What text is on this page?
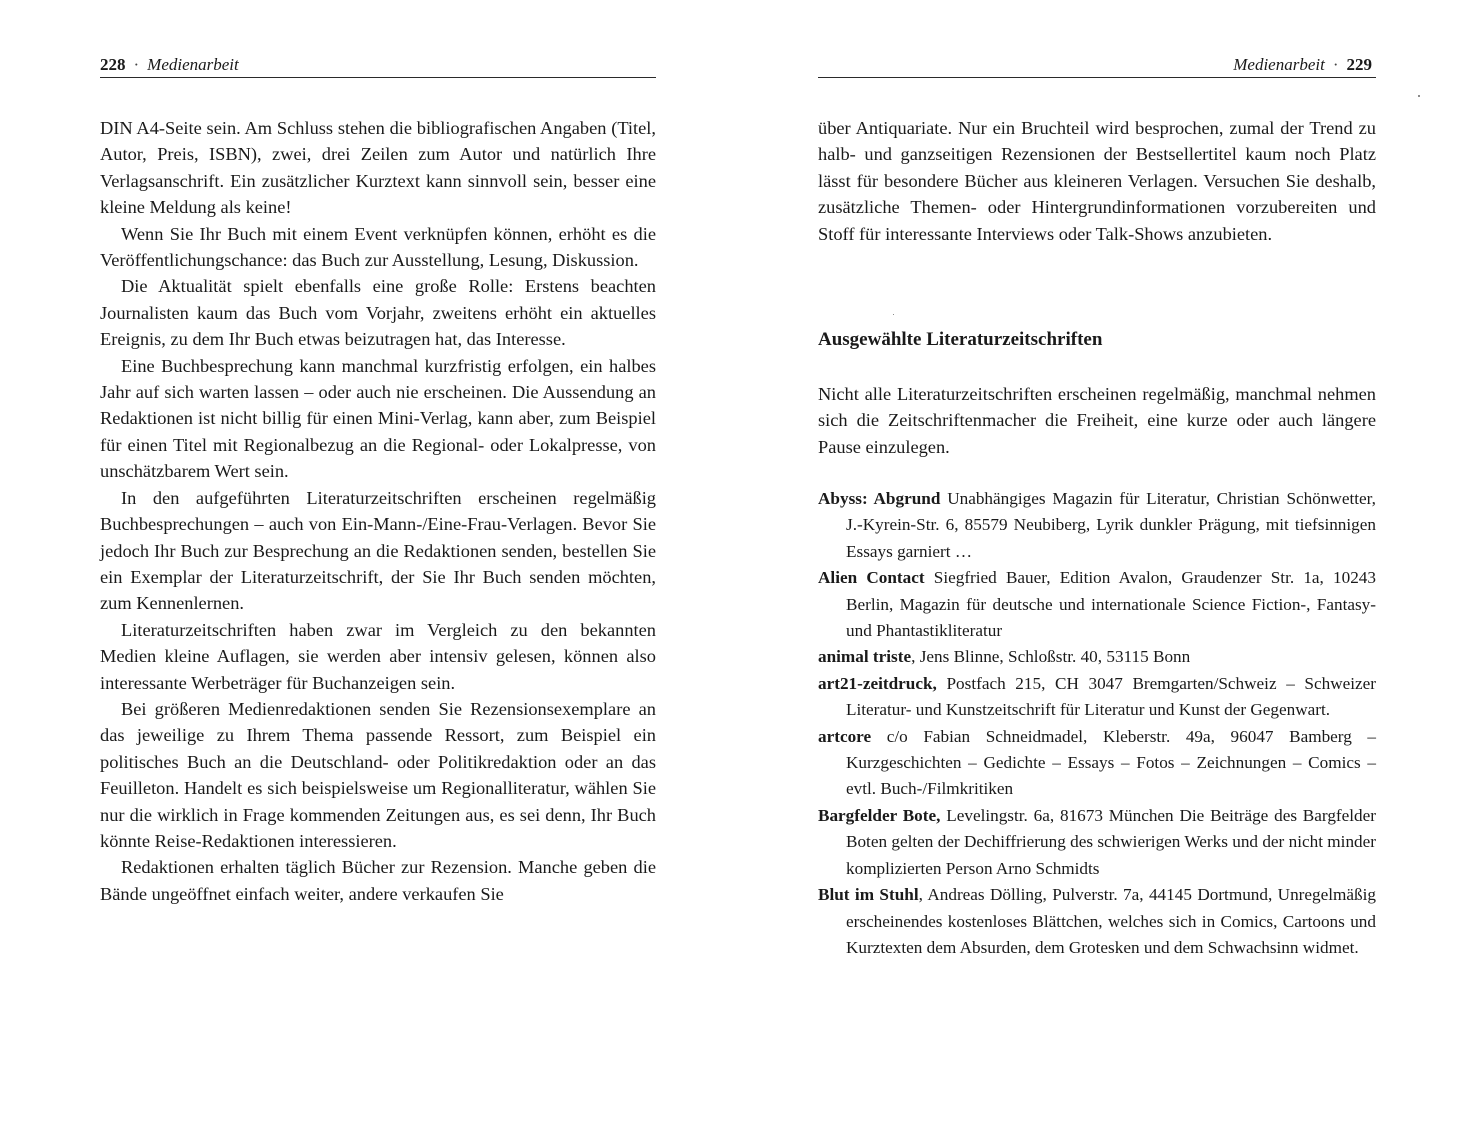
228 · Medienarbeit

DIN A4-Seite sein. Am Schluss stehen die bibliografischen Angaben (Titel, Autor, Preis, ISBN), zwei, drei Zeilen zum Autor und natürlich Ihre Verlagsanschrift. Ein zusätzlicher Kurztext kann sinnvoll sein, besser eine kleine Meldung als keine!

Wenn Sie Ihr Buch mit einem Event verknüpfen können, erhöht es die Veröffentlichungschance: das Buch zur Ausstellung, Lesung, Diskussion.

Die Aktualität spielt ebenfalls eine große Rolle: Erstens beachten Journalisten kaum das Buch vom Vorjahr, zweitens erhöht ein aktuelles Ereignis, zu dem Ihr Buch etwas beizutragen hat, das Interesse.

Eine Buchbesprechung kann manchmal kurzfristig erfolgen, ein halbes Jahr auf sich warten lassen – oder auch nie erscheinen. Die Aussendung an Redaktionen ist nicht billig für einen Mini-Verlag, kann aber, zum Beispiel für einen Titel mit Regionalbezug an die Regional- oder Lokalpresse, von unschätzbarem Wert sein.

In den aufgeführten Literaturzeitschriften erscheinen regelmäßig Buchbesprechungen – auch von Ein-Mann-/Eine-Frau-Verlagen. Bevor Sie jedoch Ihr Buch zur Besprechung an die Redaktionen senden, bestellen Sie ein Exemplar der Literaturzeitschrift, der Sie Ihr Buch senden möchten, zum Kennenlernen.

Literaturzeitschriften haben zwar im Vergleich zu den bekannten Medien kleine Auflagen, sie werden aber intensiv gelesen, können also interessante Werbeträger für Buchanzeigen sein.

Bei größeren Medienredaktionen senden Sie Rezensionsexemplare an das jeweilige zu Ihrem Thema passende Ressort, zum Beispiel ein politisches Buch an die Deutschland- oder Politikredaktion oder an das Feuilleton. Handelt es sich beispielsweise um Regionalliteratur, wählen Sie nur die wirklich in Frage kommenden Zeitungen aus, es sei denn, Ihr Buch könnte Reise-Redaktionen interessieren.

Redaktionen erhalten täglich Bücher zur Rezension. Manche geben die Bände ungeöffnet einfach weiter, andere verkaufen Sie

Medienarbeit · 229

über Antiquariate. Nur ein Bruchteil wird besprochen, zumal der Trend zu halb- und ganzseitigen Rezensionen der Bestsellertitel kaum noch Platz lässt für besondere Bücher aus kleineren Verlagen. Versuchen Sie deshalb, zusätzliche Themen- oder Hintergrundinformationen vorzubereiten und Stoff für interessante Interviews oder Talk-Shows anzubieten.

Ausgewählte Literaturzeitschriften

Nicht alle Literaturzeitschriften erscheinen regelmäßig, manchmal nehmen sich die Zeitschriftenmacher die Freiheit, eine kurze oder auch längere Pause einzulegen.

Abyss: Abgrund Unabhängiges Magazin für Literatur, Christian Schönwetter, J.-Kyrein-Str. 6, 85579 Neubiberg, Lyrik dunkler Prägung, mit tiefsinnigen Essays garniert …

Alien Contact Siegfried Bauer, Edition Avalon, Graudenzer Str. 1a, 10243 Berlin, Magazin für deutsche und internationale Science Fiction-, Fantasy- und Phantastikliteratur

animal triste, Jens Blinne, Schloßstr. 40, 53115 Bonn

art21-zeitdruck, Postfach 215, CH 3047 Bremgarten/Schweiz – Schweizer Literatur- und Kunstzeitschrift für Literatur und Kunst der Gegenwart.

artcore c/o Fabian Schneidmadel, Kleberstr. 49a, 96047 Bamberg – Kurzgeschichten – Gedichte – Essays – Fotos – Zeichnungen – Comics – evtl. Buch-/Filmkritiken

Bargfelder Bote, Levelingstr. 6a, 81673 München Die Beiträge des Bargfelder Boten gelten der Dechiffrierung des schwierigen Werks und der nicht minder komplizierten Person Arno Schmidts

Blut im Stuhl, Andreas Dölling, Pulverstr. 7a, 44145 Dortmund, Unregelmäßig erscheinendes kostenloses Blättchen, welches sich in Comics, Cartoons und Kurztexten dem Absurden, dem Grotesken und dem Schwachsinn widmet.
